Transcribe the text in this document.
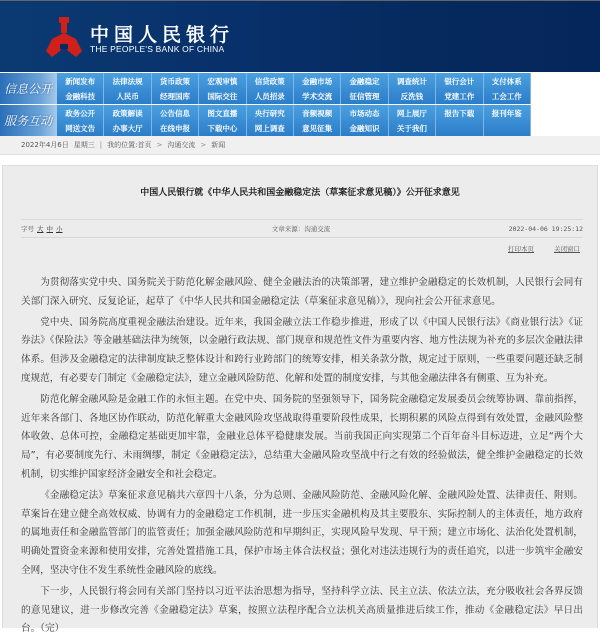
中国人民银行
THE PEOPLE'S BANK OF CHINA
信息公开
新闻发布	法律法规	货币政策	宏观审慎	信贷政策	金融市场	金融稳定	调查统计	银行会计	支付体系
金融科技	人民币	经理国库	国际交往	人员招录	学术交流	征信管理	反洗钱	党建工作	工会工作
服务互动
政务公开	政策解读	公告信息	图文直播	央行研究	音频视频	市场动态	网上展厅	报告下载	报刊年鉴
网送文告	办事大厅	在线申报	下载中心	网上调查	意见征集	金融知识	关于我们
2022年4月6日 星期三 | 我的位置:首页 > 沟通交流 > 新闻
中国人民银行就《中华人民共和国金融稳定法（草案征求意见稿）》公开征求意见
字号 大 中 小	文章来源：沟通交流	2022-04-06 19:25:12
打印本页	关闭窗口

为贯彻落实党中央、国务院关于防范化解金融风险、健全金融法治的决策部署，建立维护金融稳定的长效机制，人民银行会同有关部门深入研究、反复论证，起草了《中华人民共和国金融稳定法（草案征求意见稿）》，现向社会公开征求意见。

党中央、国务院高度重视金融法治建设。近年来，我国金融立法工作稳步推进，形成了以《中国人民银行法》《商业银行法》《证券法》《保险法》等金融基础法律为统领，以金融行政法规、部门规章和规范性文件为重要内容、地方性法规为补充的多层次金融法律体系。但涉及金融稳定的法律制度缺乏整体设计和跨行业跨部门的统筹安排，相关条款分散，规定过于原则，一些重要问题还缺乏制度规范，有必要专门制定《金融稳定法》，建立金融风险防范、化解和处置的制度安排，与其他金融法律各有侧重、互为补充。

防范化解金融风险是金融工作的永恒主题。在党中央、国务院的坚强领导下，国务院金融稳定发展委员会统筹协调、靠前指挥，近年来各部门、各地区协作联动，防范化解重大金融风险攻坚战取得重要阶段性成果，长期积累的风险点得到有效处置，金融风险整体收敛、总体可控，金融稳定基础更加牢靠，金融业总体平稳健康发展。当前我国正向实现第二个百年奋斗目标迈进，立足“两个大局”，有必要制度先行、未雨绸缪，制定《金融稳定法》，总结重大金融风险攻坚战中行之有效的经验做法，健全维护金融稳定的长效机制，切实维护国家经济金融安全和社会稳定。

《金融稳定法》草案征求意见稿共六章四十八条，分为总则、金融风险防范、金融风险化解、金融风险处置、法律责任、附则。草案旨在建立健全高效权威、协调有力的金融稳定工作机制，进一步压实金融机构及其主要股东、实际控制人的主体责任，地方政府的属地责任和金融监管部门的监管责任；加强金融风险防范和早期纠正，实现风险早发现、早干预；建立市场化、法治化处置机制，明确处置资金来源和使用安排，完善处置措施工具，保护市场主体合法权益；强化对违法违规行为的责任追究，以进一步筑牢金融安全网，坚决守住不发生系统性金融风险的底线。

下一步，人民银行将会同有关部门坚持以习近平法治思想为指导，坚持科学立法、民主立法、依法立法，充分吸收社会各界反馈的意见建议，进一步修改完善《金融稳定法》草案，按照立法程序配合立法机关高质量推进后续工作，推动《金融稳定法》早日出台。（完）
